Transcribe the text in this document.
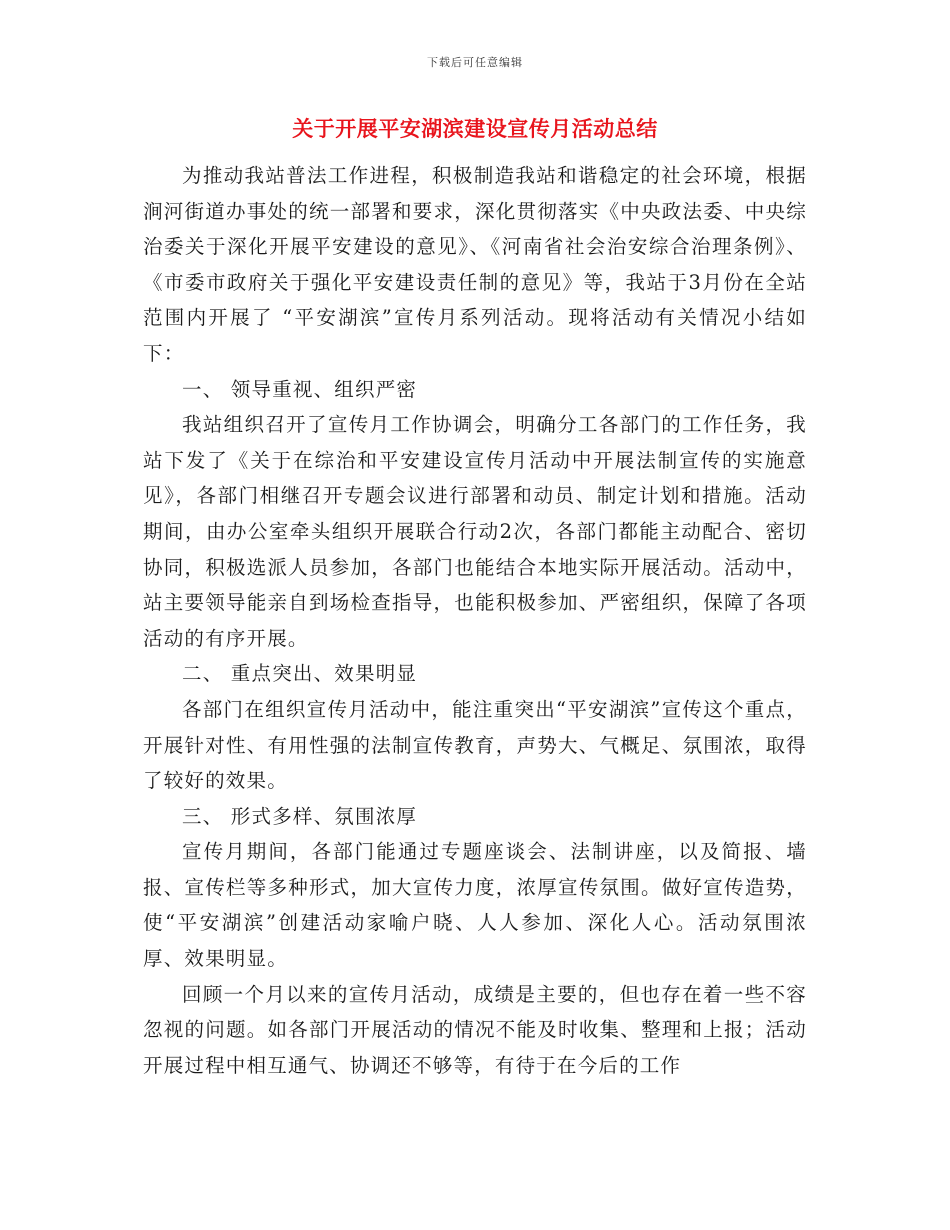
下载后可任意编辑
关于开展平安湖滨建设宣传月活动总结

为推动我站普法工作进程，积极制造我站和谐稳定的社会环境，根据涧河街道办事处的统一部署和要求，深化贯彻落实《中央政法委、中央综治委关于深化开展平安建设的意见》、《河南省社会治安综合治理条例》、《市委市政府关于强化平安建设责任制的意见》等，我站于3月份在全站范围内开展了 “平安湖滨”宣传月系列活动。现将活动有关情况小结如下：

一、 领导重视、组织严密

我站组织召开了宣传月工作协调会，明确分工各部门的工作任务，我站下发了《关于在综治和平安建设宣传月活动中开展法制宣传的实施意见》，各部门相继召开专题会议进行部署和动员、制定计划和措施。活动期间，由办公室牵头组织开展联合行动2次，各部门都能主动配合、密切协同，积极选派人员参加，各部门也能结合本地实际开展活动。活动中，站主要领导能亲自到场检查指导，也能积极参加、严密组织，保障了各项活动的有序开展。

二、 重点突出、效果明显

各部门在组织宣传月活动中，能注重突出“平安湖滨”宣传这个重点，开展针对性、有用性强的法制宣传教育，声势大、气概足、氛围浓，取得了较好的效果。

三、 形式多样、氛围浓厚

宣传月期间，各部门能通过专题座谈会、法制讲座，以及简报、墙报、宣传栏等多种形式，加大宣传力度，浓厚宣传氛围。做好宣传造势，使“平安湖滨”创建活动家喻户晓、人人参加、深化人心。活动氛围浓厚、效果明显。

回顾一个月以来的宣传月活动，成绩是主要的，但也存在着一些不容忽视的问题。如各部门开展活动的情况不能及时收集、整理和上报；活动开展过程中相互通气、协调还不够等，有待于在今后的工作
